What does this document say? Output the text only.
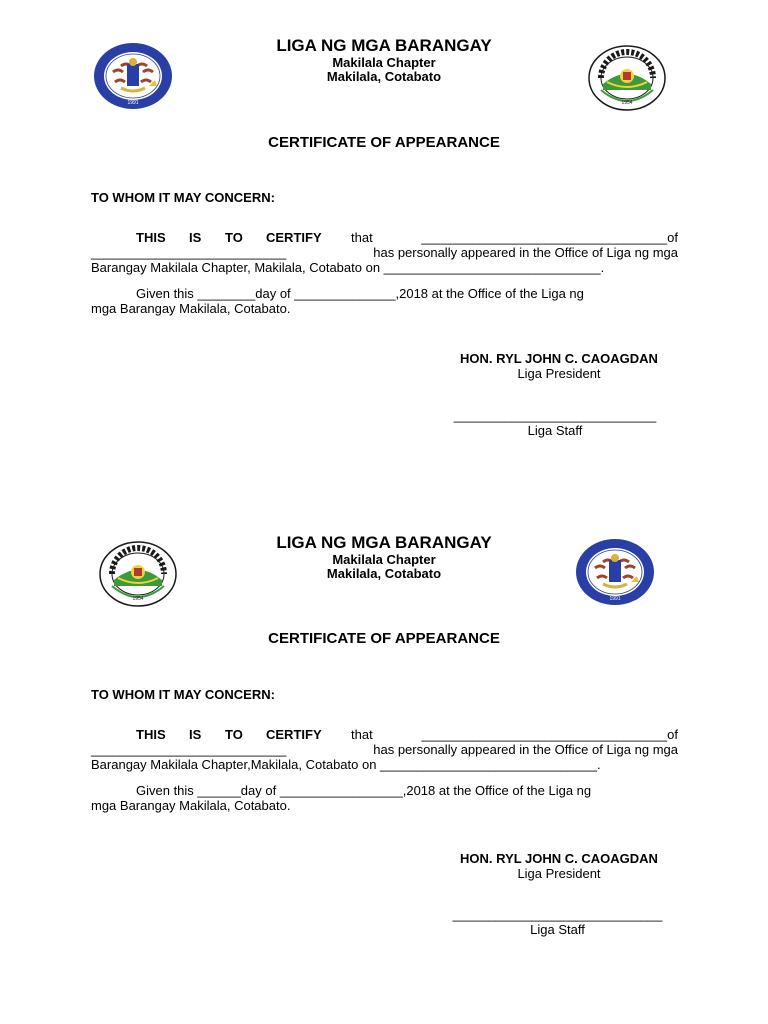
1991	1954
LIGA NG MGA BARANGAY
Makilala Chapter
Makilala, Cotabato
CERTIFICATE OF APPEARANCE
TO WHOM IT MAY CONCERN:
THIS IS TO CERTIFY that	__________________________________of
___________________________	has personally appeared in the Office of Liga ng mga
Barangay Makilala Chapter, Makilala, Cotabato on ______________________________.
Given this ________day of ______________,2018 at the Office of the Liga ng
mga Barangay Makilala, Cotabato.
HON. RYL JOHN C. CAOAGDAN
Liga President
____________________________
Liga Staff
1954	1991
LIGA NG MGA BARANGAY
Makilala Chapter
Makilala, Cotabato
CERTIFICATE OF APPEARANCE
TO WHOM IT MAY CONCERN:
THIS IS TO CERTIFY that	__________________________________of
___________________________	has personally appeared in the Office of Liga ng mga
Barangay Makilala Chapter,Makilala, Cotabato on ______________________________.
Given this ______day of _________________,2018 at the Office of the Liga ng
mga Barangay Makilala, Cotabato.
HON. RYL JOHN C. CAOAGDAN
Liga President
_____________________________
Liga Staff
